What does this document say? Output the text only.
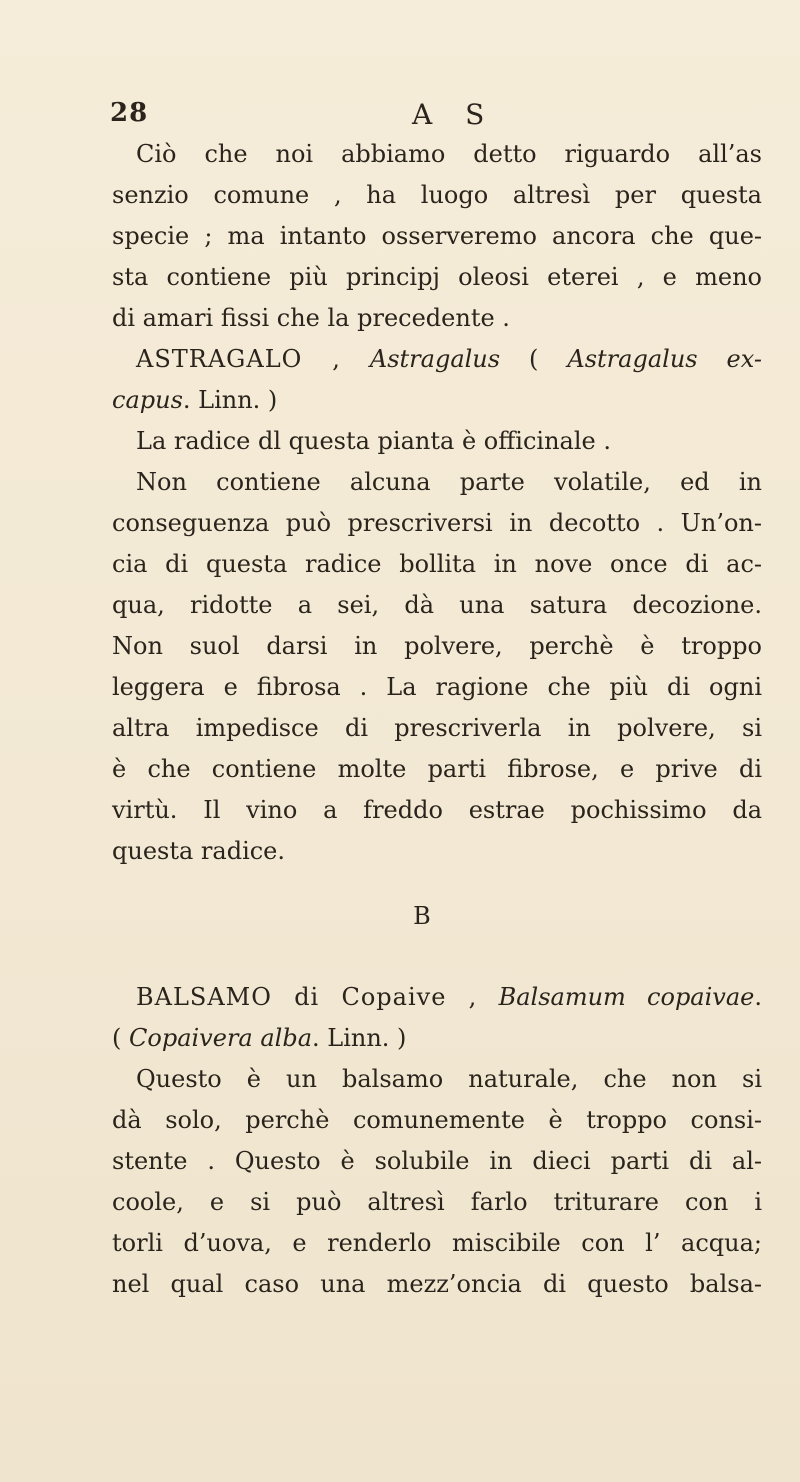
28	A S
Ciò che noi abbiamo detto riguardo all’as
senzio comune , ha luogo altresì per questa
specie ; ma intanto osserveremo ancora che que-
sta contiene più principj oleosi eterei , e meno
di amari fissi che la precedente .
ASTRAGALO , Astragalus ( Astragalus ex-
capus. Linn. )
La radice dl questa pianta è officinale .
Non contiene alcuna parte volatile, ed in
conseguenza può prescriversi in decotto . Un’on-
cia di questa radice bollita in nove once di ac-
qua, ridotte a sei, dà una satura decozione.
Non suol darsi in polvere, perchè è troppo
leggera e fibrosa . La ragione che più di ogni
altra impedisce di prescriverla in polvere, si
è che contiene molte parti fibrose, e prive di
virtù. Il vino a freddo estrae pochissimo da
questa radice.
B
BALSAMO di Copaive , Balsamum copaivae.
( Copaivera alba. Linn. )
Questo è un balsamo naturale, che non si
dà solo, perchè comunemente è troppo consi-
stente . Questo è solubile in dieci parti di al-
coole, e si può altresì farlo triturare con i
torli d’uova, e renderlo miscibile con l’ acqua;
nel qual caso una mezz’oncia di questo balsa-
